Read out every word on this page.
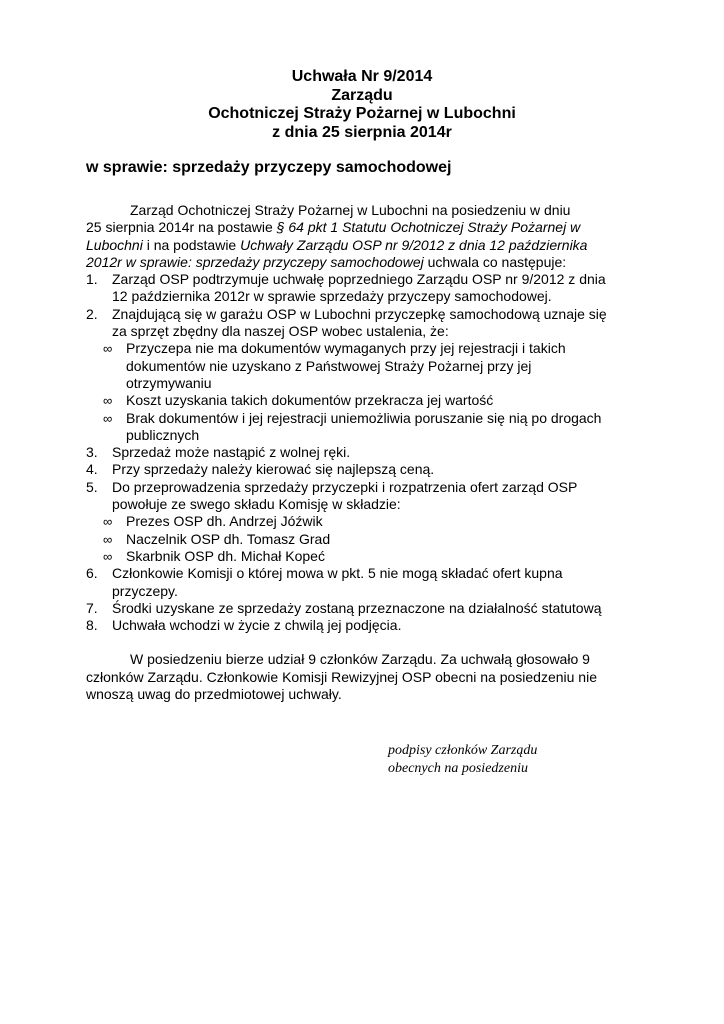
Uchwała Nr 9/2014
Zarządu
Ochotniczej Straży Pożarnej w Lubochni
z dnia 25 sierpnia 2014r
w sprawie: sprzedaży przyczepy samochodowej
Zarząd Ochotniczej Straży Pożarnej w Lubochni na posiedzeniu w dniu
25 sierpnia 2014r na postawie § 64 pkt 1 Statutu Ochotniczej Straży Pożarnej w
Lubochni i na podstawie Uchwały Zarządu OSP nr 9/2012 z dnia 12 października
2012r w sprawie: sprzedaży przyczepy samochodowej uchwala co następuje:
1. Zarząd OSP podtrzymuje uchwałę poprzedniego Zarządu OSP nr 9/2012 z dnia
12 października 2012r w sprawie sprzedaży przyczepy samochodowej.
2. Znajdującą się w garażu OSP w Lubochni przyczepkę samochodową uznaje się
za sprzęt zbędny dla naszej OSP wobec ustalenia, że:
∞ Przyczepa nie ma dokumentów wymaganych przy jej rejestracji i takich
dokumentów nie uzyskano z Państwowej Straży Pożarnej przy jej
otrzymywaniu
∞ Koszt uzyskania takich dokumentów przekracza jej wartość
∞ Brak dokumentów i jej rejestracji uniemożliwia poruszanie się nią po drogach
publicznych
3. Sprzedaż może nastąpić z wolnej ręki.
4. Przy sprzedaży należy kierować się najlepszą ceną.
5. Do przeprowadzenia sprzedaży przyczepki i rozpatrzenia ofert zarząd OSP
powołuje ze swego składu Komisję w składzie:
∞ Prezes OSP dh. Andrzej Jóźwik
∞ Naczelnik OSP dh. Tomasz Grad
∞ Skarbnik OSP dh. Michał Kopeć
6. Członkowie Komisji o której mowa w pkt. 5 nie mogą składać ofert kupna
przyczepy.
7. Środki uzyskane ze sprzedaży zostaną przeznaczone na działalność statutową
8. Uchwała wchodzi w życie z chwilą jej podjęcia.
W posiedzeniu bierze udział 9 członków Zarządu. Za uchwałą głosowało 9
członków Zarządu. Członkowie Komisji Rewizyjnej OSP obecni na posiedzeniu nie
wnoszą uwag do przedmiotowej uchwały.
podpisy członków Zarządu
obecnych na posiedzeniu
